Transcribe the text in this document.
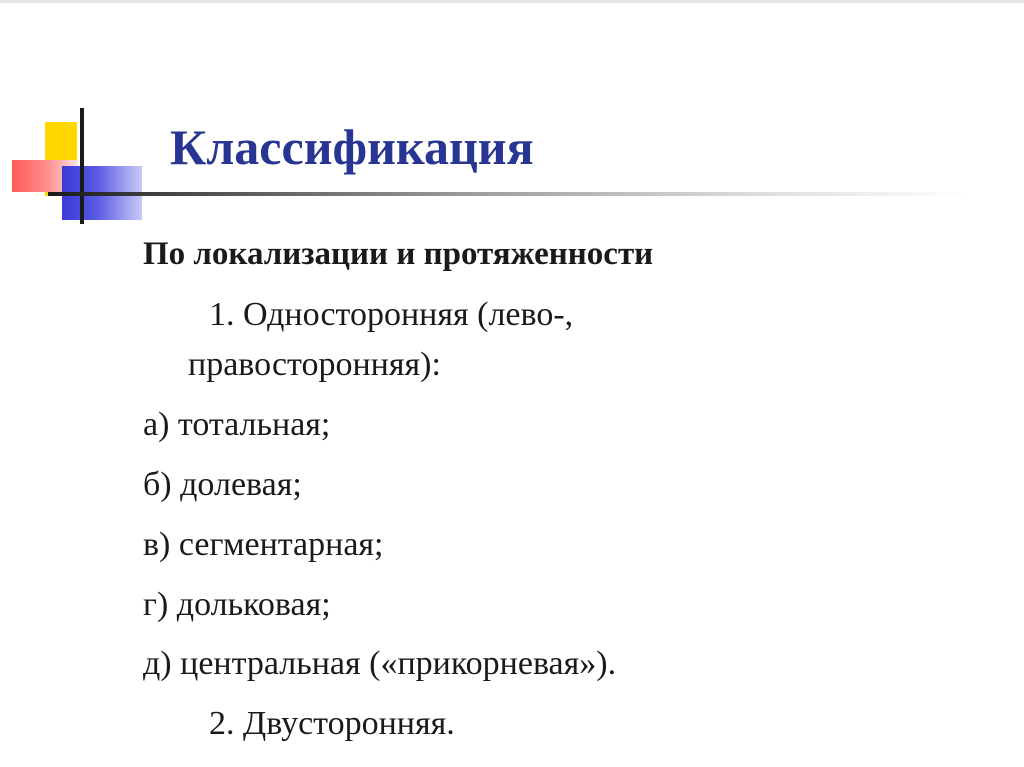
Классификация
По локализации и протяженности
1. Односторонняя (лево-,
правосторонняя):
а) тотальная;
б) долевая;
в) сегментарная;
г) дольковая;
д) центральная («прикорневая»).
2. Двусторонняя.
